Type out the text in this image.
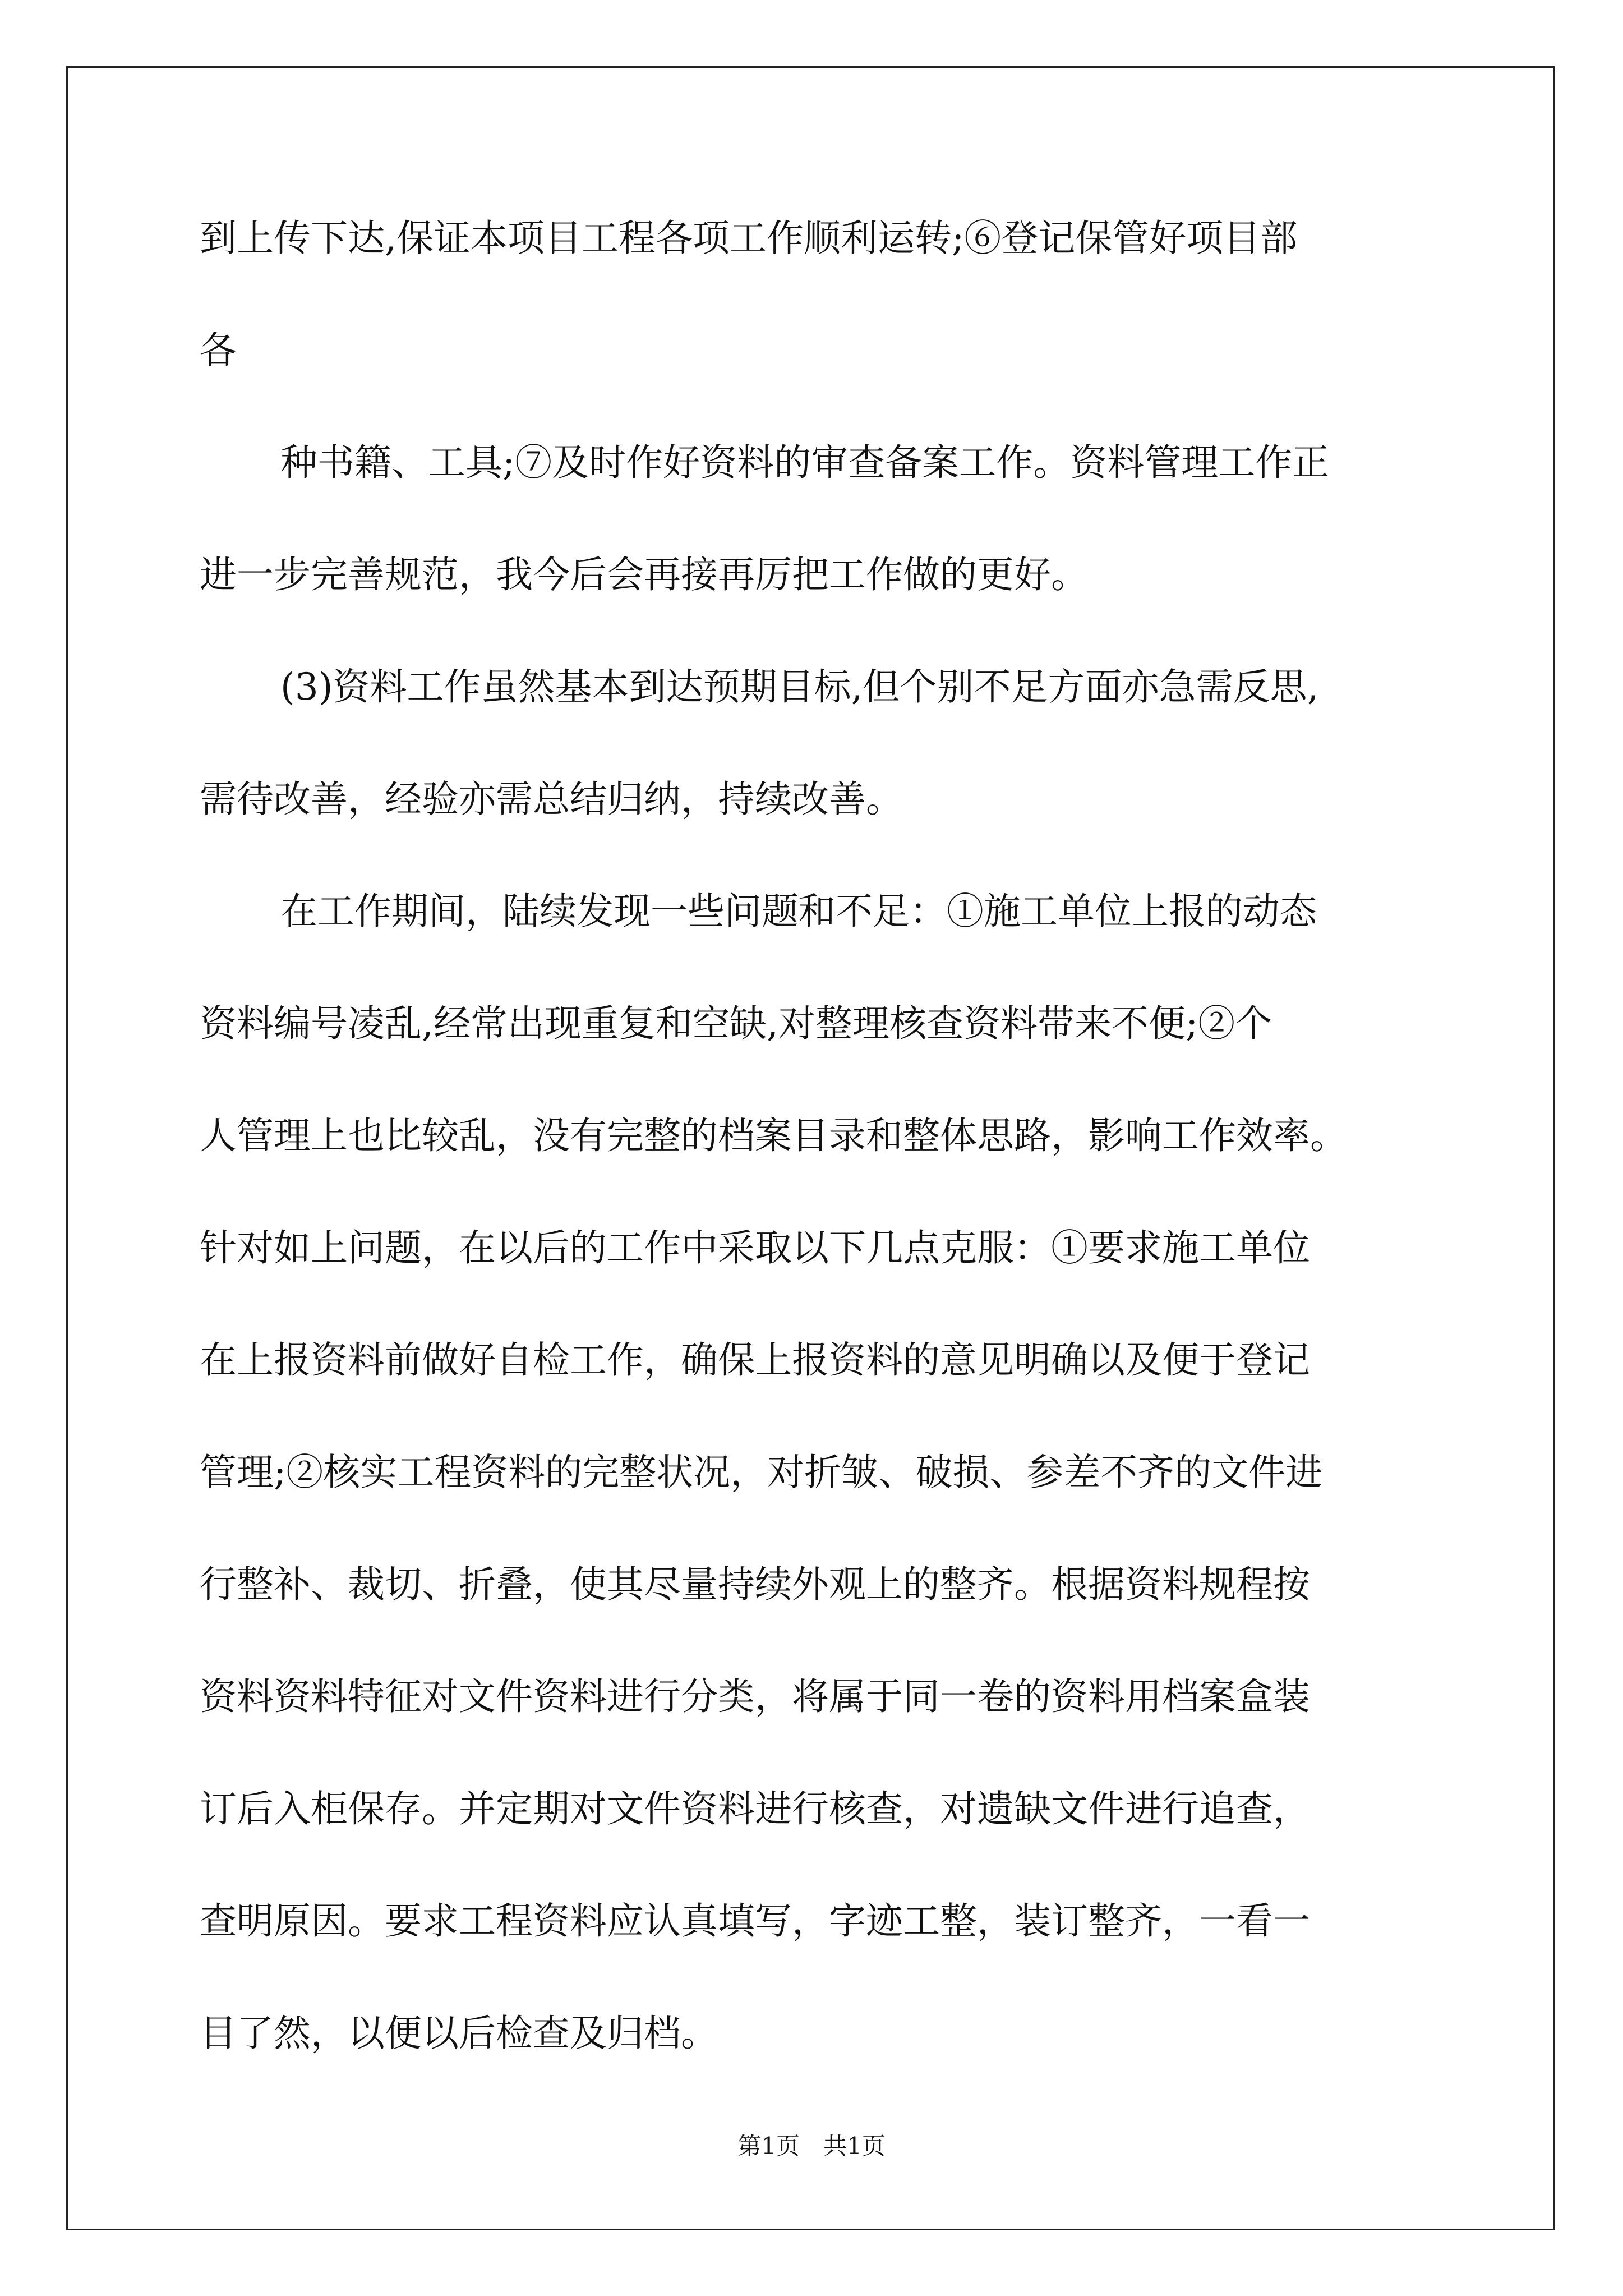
到上传下达,保证本项目工程各项工作顺利运转;⑥登记保管好项目部
各
种书籍、工具;⑦及时作好资料的审查备案工作。资料管理工作正
进一步完善规范，我今后会再接再厉把工作做的更好。
(3)资料工作虽然基本到达预期目标,但个别不足方面亦急需反思,
需待改善，经验亦需总结归纳，持续改善。
在工作期间，陆续发现一些问题和不足：①施工单位上报的动态
资料编号凌乱,经常出现重复和空缺,对整理核查资料带来不便;②个
人管理上也比较乱，没有完整的档案目录和整体思路，影响工作效率。
针对如上问题，在以后的工作中采取以下几点克服：①要求施工单位
在上报资料前做好自检工作，确保上报资料的意见明确以及便于登记
管理;②核实工程资料的完整状况，对折皱、破损、参差不齐的文件进
行整补、裁切、折叠，使其尽量持续外观上的整齐。根据资料规程按
资料资料特征对文件资料进行分类，将属于同一卷的资料用档案盒装
订后入柜保存。并定期对文件资料进行核查，对遗缺文件进行追查，
查明原因。要求工程资料应认真填写，字迹工整，装订整齐，一看一
目了然，以便以后检查及归档。
第1页　共1页
